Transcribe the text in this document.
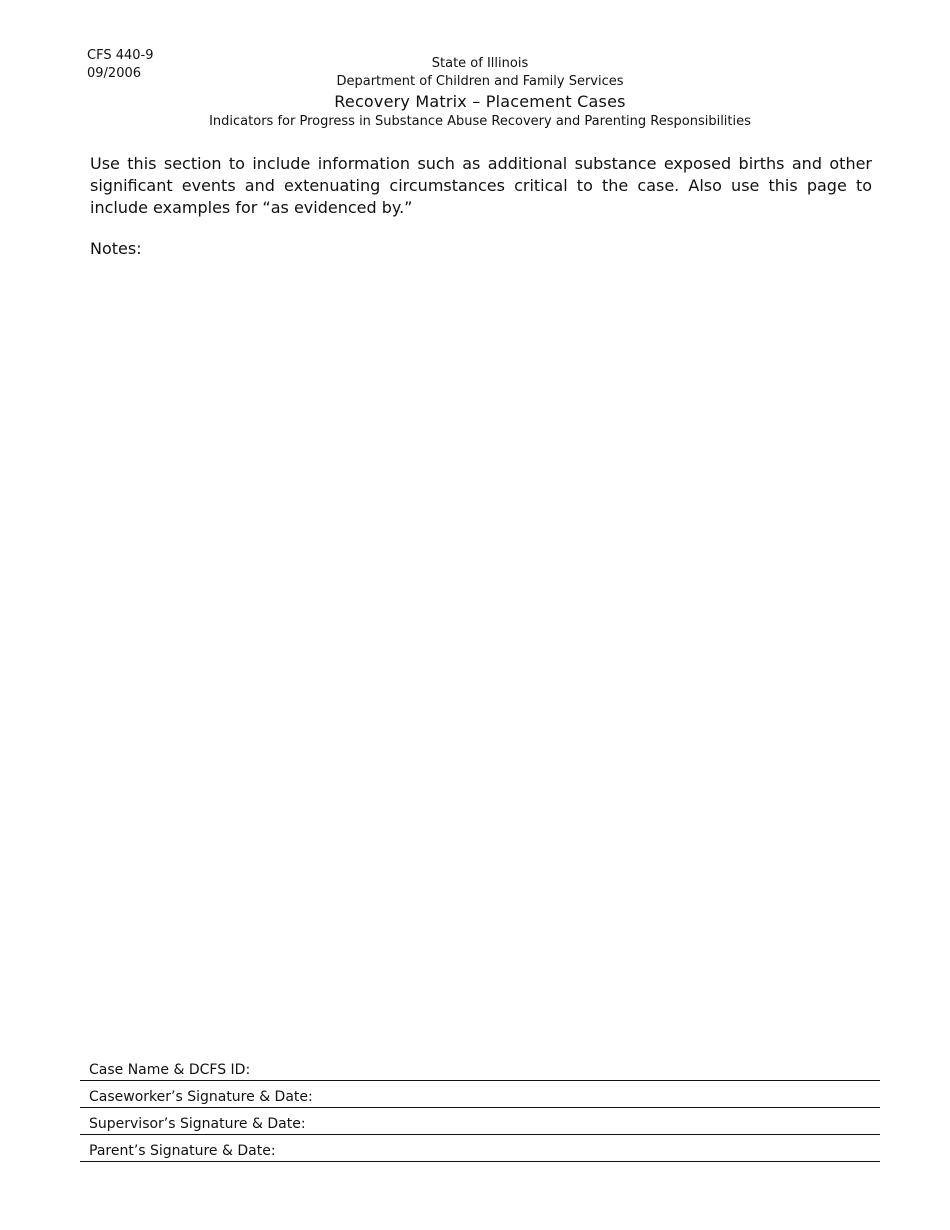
CFS 440-9
09/2006
State of Illinois
Department of Children and Family Services
Recovery Matrix – Placement Cases
Indicators for Progress in Substance Abuse Recovery and Parenting Responsibilities
Use this section to include information such as additional substance exposed births and other significant events and extenuating circumstances critical to the case. Also use this page to include examples for “as evidenced by.”
Notes:
Case Name & DCFS ID:
Caseworker’s Signature & Date:
Supervisor’s Signature & Date:
Parent’s Signature & Date:
